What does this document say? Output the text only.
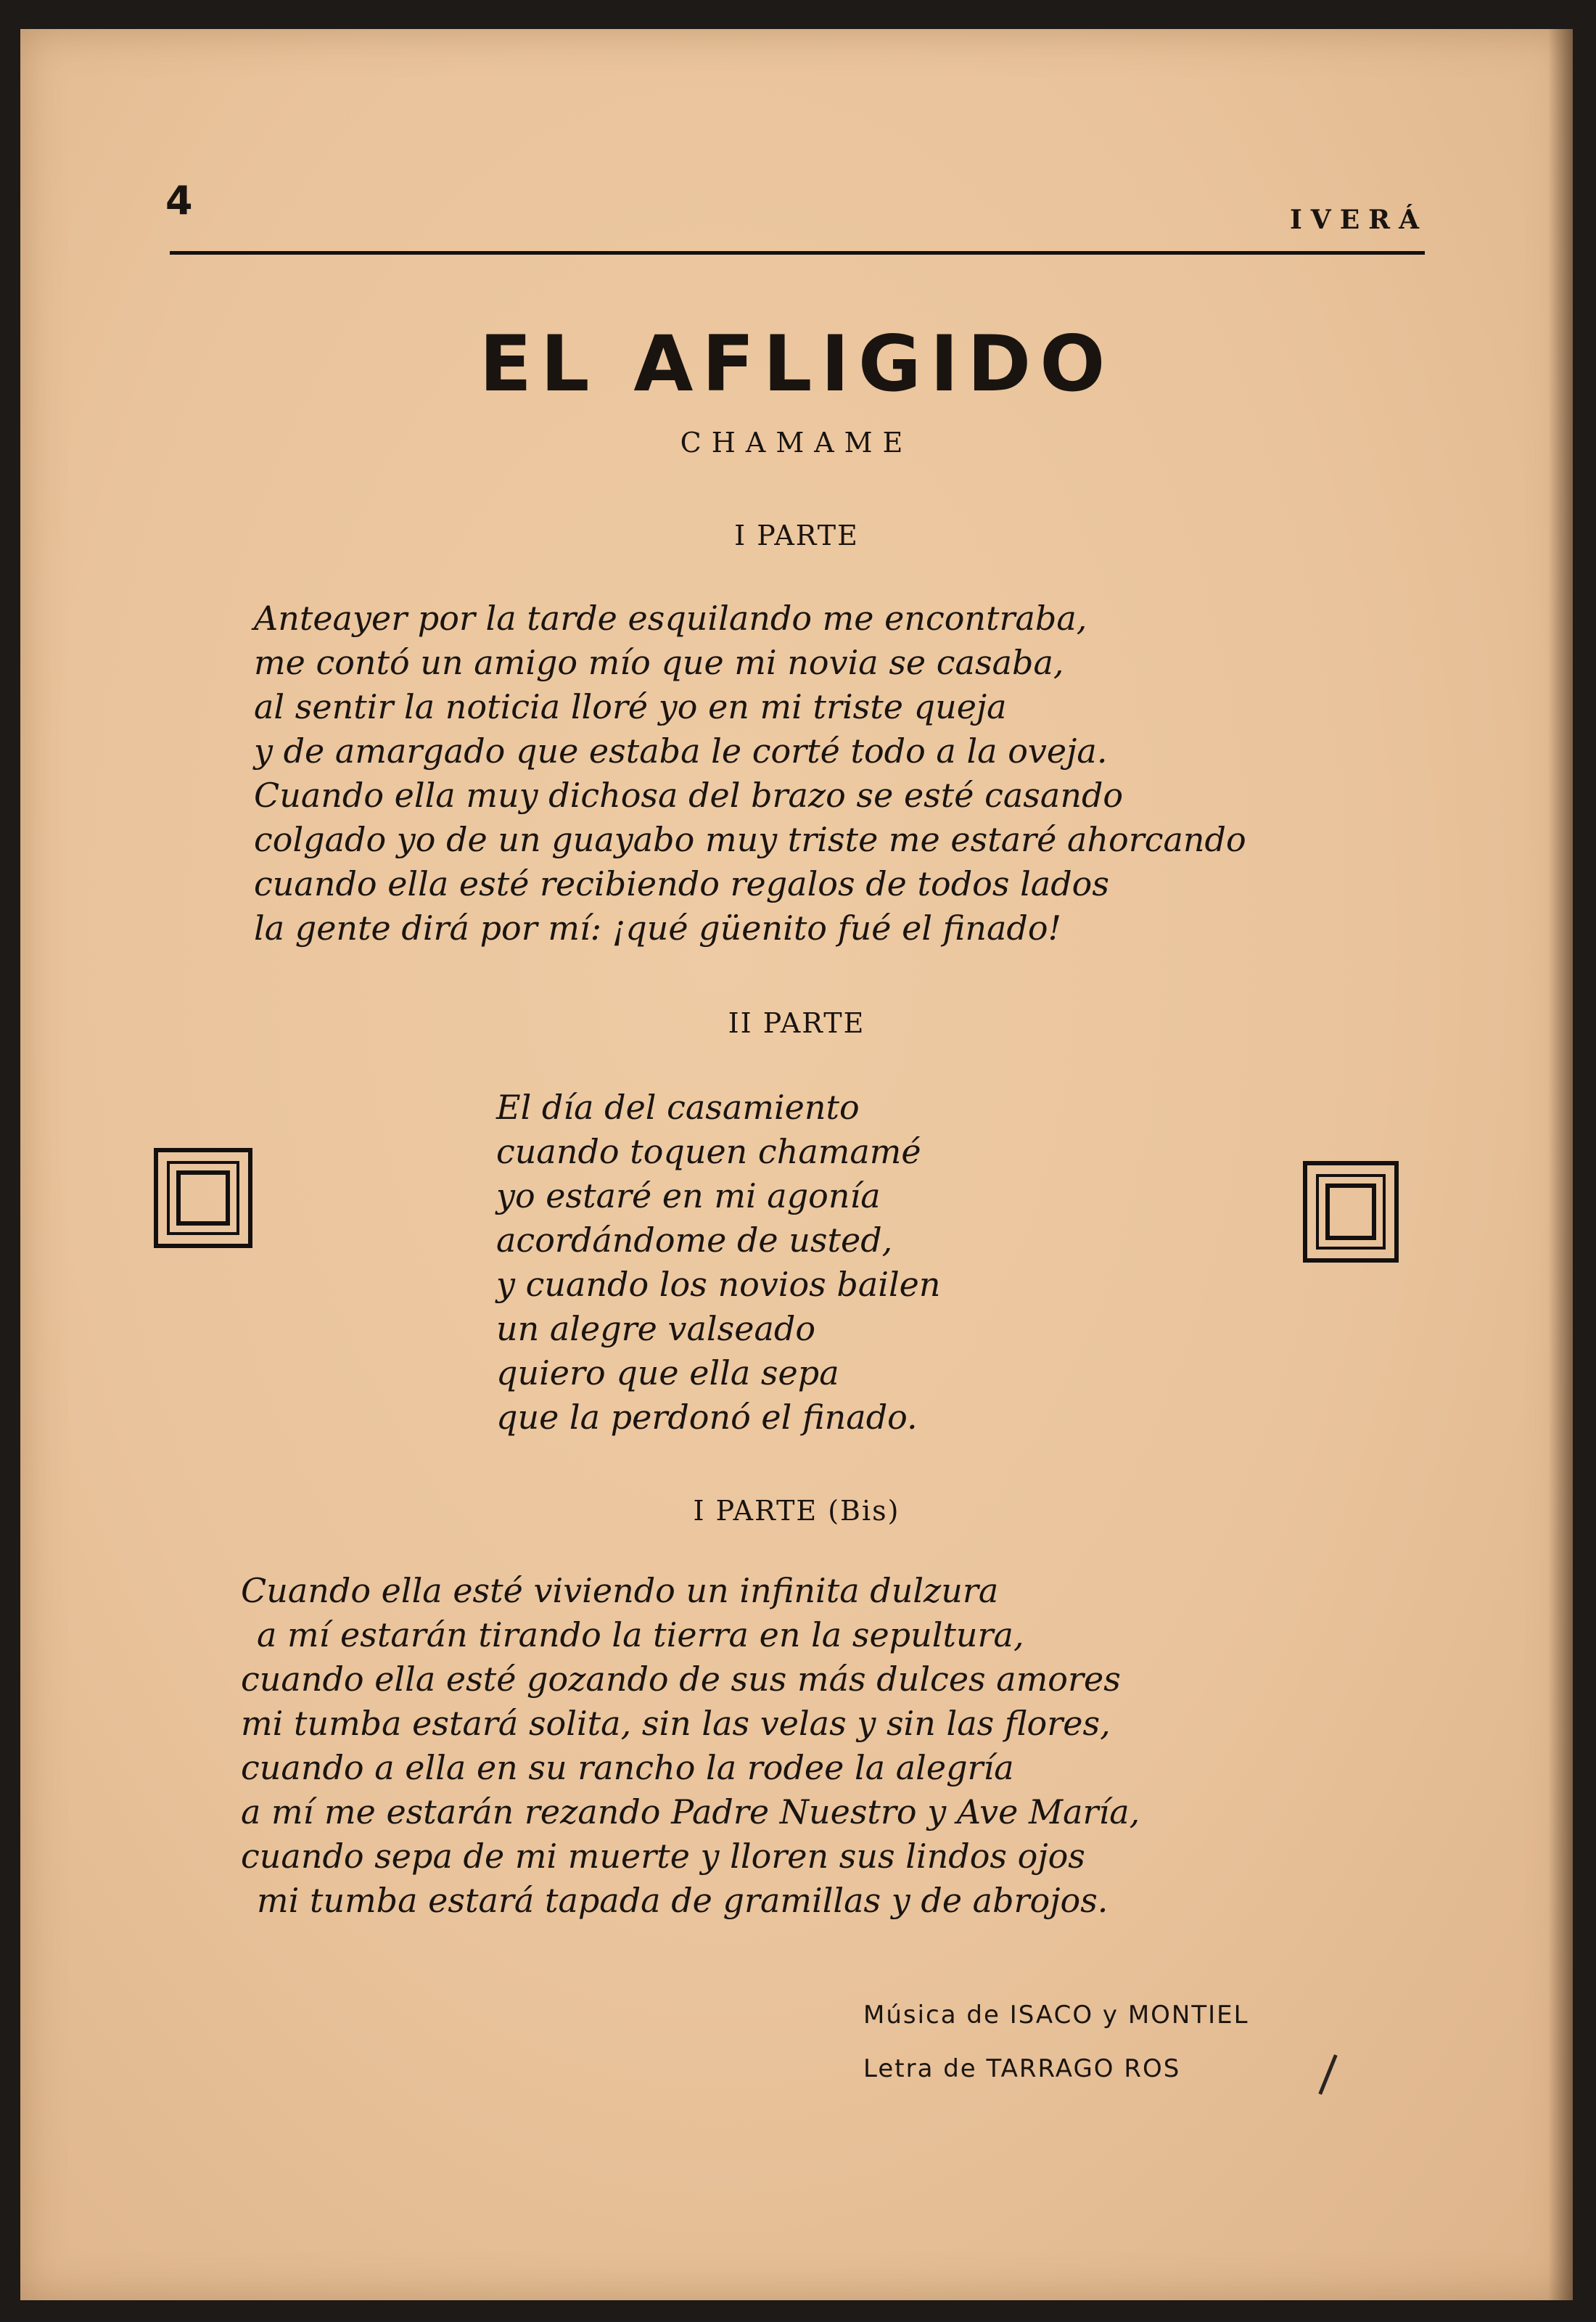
4	IVERÁ
EL AFLIGIDO
CHAMAME
I PARTE
Anteayer por la tarde esquilando me encontraba,
me contó un amigo mío que mi novia se casaba,
al sentir la noticia lloré yo en mi triste queja
y de amargado que estaba le corté todo a la oveja.
Cuando ella muy dichosa del brazo se esté casando
colgado yo de un guayabo muy triste me estaré ahorcando
cuando ella esté recibiendo regalos de todos lados
la gente dirá por mí: ¡qué güenito fué el finado!
II PARTE
El día del casamiento
cuando toquen chamamé
yo estaré en mi agonía
acordándome de usted,
y cuando los novios bailen
un alegre valseado
quiero que ella sepa
que la perdonó el finado.
I PARTE (Bis)
Cuando ella esté viviendo un infinita dulzura
a mí estarán tirando la tierra en la sepultura,
cuando ella esté gozando de sus más dulces amores
mi tumba estará solita, sin las velas y sin las flores,
cuando a ella en su rancho la rodee la alegría
a mí me estarán rezando Padre Nuestro y Ave María,
cuando sepa de mi muerte y lloren sus lindos ojos
mi tumba estará tapada de gramillas y de abrojos.
Música de ISACO y MONTIEL
Letra de TARRAGO ROS
